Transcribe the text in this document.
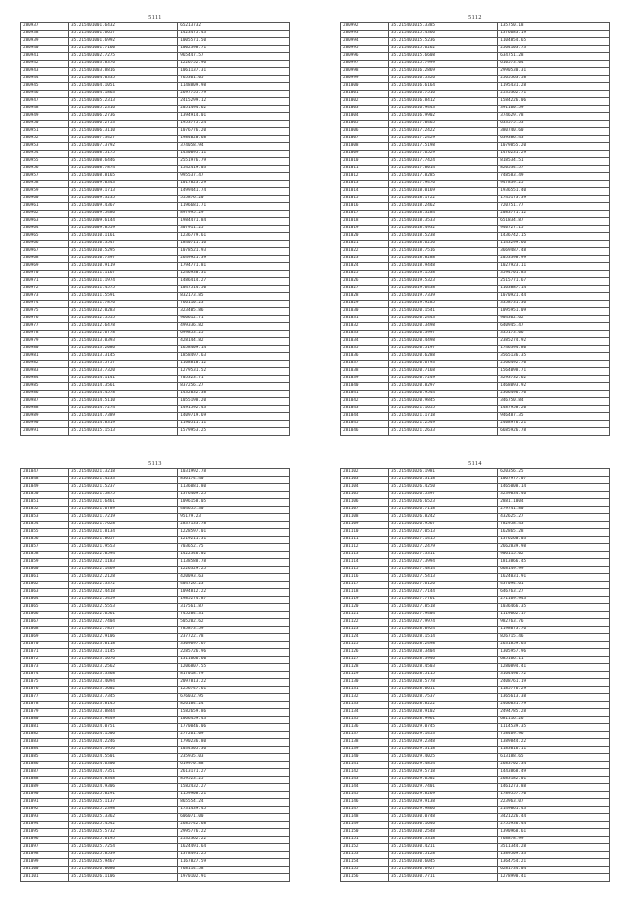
5111
280937	35.215401001.6432	65213732
280938	35.215401001.6657	1423475.43
280939	35.215401001.6992	1005571.50
280940	35.215401001.7160	1002398.71
280941	35.215401002.7275	965447.57
280942	35.215401003.8376	1226752.96
280943	35.215401003.8816	1061137.31
280944	35.215401004.0335	765361.05
280945	35.215401004.1051	1148809.98
280946	35.215401004.1863	2697755.79
280947	35.215401005.2313	2415299.12
280948	35.215401005.2316	2051494.62
280949	35.215401006.2736	1394914.01
280950	35.215401006.2753	1953775.24
280951	35.215401006.3110	1076776.20
280952	35.215401007.3427	1984020.68
280953	35.215401007.3792	374058.94
280954	35.215401008.5175	1430095.11
280955	35.215401008.6446	2551976.79
280956	35.215401008.7874	1542419.03
280957	35.215401008.8165	995537.47
280958	35.215401009.0343	1017823.29
280959	35.215401009.1713	1499441.74
280960	35.215401009.3235	555876.20
280961	35.215401009.4367	1196681.71
280962	35.215401009.5486	897995.29
280963	35.215401009.6144	1984471.84
280964	35.215401009.8559	307911.25
280965	35.215401010.1161	1236779.61
280966	35.215401010.3547	1840711.16
280967	35.215401010.5295	1078521.93
280968	35.215401010.7397	2649921.39
280969	35.215401010.9119	1794771.81
280970	35.215401011.1167	1246930.31
280971	35.215401011.1974	1486414.27
280972	35.215401011.4575	1047514.50
280973	35.215401011.5591	832173.85
280974	35.215401011.7876	766110.23
280975	35.215401012.0283	323405.86
280976	35.215401012.5555	966612.71
280977	35.215401012.6478	499336.82
280978	35.215401012.6778	699853.25
280979	35.215401013.0393	428144.82
280980	35.215401013.2086	1658409.14
280981	35.215401013.3145	1858497.63
280982	35.215401013.5757	1168810.12
280983	35.215401013.7320	1279531.52
280984	35.215401014.1141	705323.71
280985	35.215401014.3561	837256.27
280986	35.215401014.4578	1432032.38
280987	35.215401014.5110	1055198.20
280988	35.215401014.7274	1491592.43
280989	35.215401014.7389	1409719.69
280990	35.215401014.8319	1190511.11
280991	35.215401015.1513	1579953.25
5112
280992	35.215401015.3385	135750.18
280993	35.215401015.4366	1376683.19
280994	35.215401015.5236	1104854.65
280995	35.215401015.6262	2564103.73
280996	35.215401015.6608	634751.28
280997	35.215401015.7999	610573.04
280998	35.215401016.2869	2990530.31
280999	35.215401016.5326	2565563.58
281000	35.215401016.6164	1195431.28
281001	35.215401016.7516	2535362.71
281002	35.215401016.8412	1584226.06
281003	35.215401016.9443	391160.59
281004	35.215401016.9902	374629.78
281005	35.215401017.0465	633575.53
281006	35.215401017.2422	380740.60
281007	35.215401017.2429	639386.43
281008	35.215401017.5198	1079855.20
281009	35.215401017.6529	1476231.29
281010	35.215401017.7424	818534.51
281011	35.215401017.8014	820534.57
281012	35.215401017.8285	748583.49
281013	35.215401017.9476	947839.25
281014	35.215401018.0169	1936551.40
281015	35.215401018.1722	1745173.39
281016	35.215401018.2462	720751.77
281017	35.215401018.3284	2083771.12
281018	35.215401018.3533	651834.87
281019	35.215401018.4932	940727.15
281020	35.215401018.5238	1436742.15
281021	35.215401018.6256	1143299.66
281022	35.215401018.7516	3669487.48
281023	35.215401018.8288	2053398.99
281024	35.215401018.9448	1027923.11
281025	35.215401019.1538	3594701.83
281026	35.215401019.5323	2515771.67
281027	35.215401019.6438	1163887.14
281028	35.215401019.7339	1070921.44
281029	35.215401019.9285	3358731.36
281030	35.215401020.1541	1095951.09
281031	35.215401020.2443	904362.62
281032	35.215401020.3498	640945.47
281033	35.215401020.3997	335173.06
281034	35.215401020.4498	2385274.92
281035	35.215401020.5197	1746394.80
281036	35.215401020.6288	3565136.35
281037	35.215401020.6793	2566492.70
281038	35.215401020.7168	1564098.71
281039	35.215401020.7249	3293732.62
281040	35.215401020.8297	1468093.92
281041	35.215401020.9544	2366496.70
281042	35.215401020.9845	346750.84
281043	35.215401021.1655	1487958.20
281044	35.215401021.1718	946487.35
281045	35.215401021.2549	2408976.21
281046	35.215401021.2633	6685926.78
5113
281047	35.215401021.3218	1031992.78
281048	35.215401021.4233	836174.40
281049	35.215401021.5237	1136081.80
281050	35.215401021.5875	1376409.25
281051	35.215401021.6461	1096158.05
281052	35.215401021.6789	404655.30
281053	35.215401021.7219	95179.23
281054	35.215401021.7628	2837133.78
281055	35.215401021.8134	1228597.01
281056	35.215401021.8657	1219211.31
281057	35.215401021.9553	703652.75
281058	35.215401022.0594	1422346.02
281059	35.215401022.1183	1138588.78
281060	35.215401022.1469	1226329.25
281061	35.215401022.2128	420093.63
281062	35.215401022.3372	404726.23
281063	35.215401022.4418	1094812.22
281064	35.215401022.5459	1985274.87
281065	35.215401022.5553	317561.87
281066	35.215401022.6561	745204.31
281067	35.215401022.7404	505202.62
281068	35.215401022.7857	785873.59
281069	35.215401022.9106	237722.78
281070	35.215401023.0118	3309697.67
281071	35.215401023.1145	2285726.96
281072	35.215401023.1676	1311666.60
281073	35.215401023.2562	1206807.55
281074	35.215401023.3368	817018.79
281075	35.215401023.4094	2097813.22
281076	35.215401023.5602	1256747.61
281077	35.215401023.7345	676032.95
281078	35.215401023.8145	826104.24
281079	35.215401023.8844	1582659.86
281080	35.215401023.9449	1066459.43
281081	35.215401024.0751	1770046.06
281082	35.215401024.1506	277261.09
281083	35.215401024.2246	1790236.80
281084	35.215401024.3956	1034305.36
281085	35.215401024.5501	235935.03
281086	35.215401024.6300	619970.88
281087	35.215401024.7351	2613171.27
281088	35.215401024.8348	859523.25
281089	35.215401024.9306	1582432.27
281090	35.215401025.0291	1159908.21
281091	35.215401025.1137	865554.24
281092	35.215401025.2398	1731439.45
281093	35.215401025.3362	606071.00
281094	35.215401025.4542	2685742.68
281095	35.215401025.5732	2995776.22
281096	35.215401025.6195	2532362.22
281097	35.215401025.7254	1624491.64
281098	35.215401025.8539	1378491.25
281099	35.215401025.9467	1167827.59
281100	35.215401026.0080	768114.58
281101	35.215401026.1106	1970102.91
5114
281102	35.215401026.1981	620356.25
281103	35.215401026.3118	1067977.07
281104	35.215401026.4250	1465008.14
281105	35.215401026.5397	3239034.46
281106	35.215401026.6523	2881.1004
281107	35.215401026.7118	279741.80
281108	35.215401026.8242	432625.27
281109	35.215401026.9567	782958.43
281110	35.215401027.0513	162865.28
281111	35.215401027.1415	1376260.03
281112	35.215401027.2479	2662839.98
281113	35.215401027.3311	906115.02
281114	35.215401027.3994	1813866.45
281115	35.215401027.4814	668149.99
281116	35.215401027.5413	1624031.91
281117	35.215401027.6126	437094.61
281118	35.215401027.7144	646763.27
281119	35.215401027.7761	271169.943
281120	35.215401027.8518	1036466.35
281121	35.215401027.9404	1119662.17
281122	35.215401027.9974	982763.76
281123	35.215401028.0924	1198073.76
281124	35.215401028.1514	826715.46
281125	35.215401028.2498	2631859.63
281126	35.215401028.3404	1305957.96
281127	35.215401028.3946	685166.11
281128	35.215401028.4503	1280894.41
281129	35.215401028.5115	3164496.72
281130	35.215401028.5778	2408761.19
281131	35.215401028.6611	1185776.29
281132	35.215401028.7537	1365613.38
281133	35.215401028.8222	2466031.79
281134	35.215401028.9102	2494785.28
281135	35.215401028.9961	681116.26
281136	35.215401029.0745	1114539.35
281137	35.215401029.1453	758469.96
281138	35.215401029.2348	1389844.22
281139	35.215401029.3118	1183016.11
281140	35.215401029.4025	613188.65
281141	35.215401029.4854	2683702.34
281142	35.215401029.5718	1443868.49
281143	35.215401029.6502	2683182.01
281144	35.215401029.7401	1461273.88
281145	35.215401029.8269	1789557.70
281146	35.215401029.9138	223963.07
281147	35.215401029.9866	2149061.43
281148	35.215401030.0748	3421226.44
281149	35.215401030.1646	2755936.44
281150	35.215401030.2548	1390968.61
281151	35.215401030.3318	768878.99
281152	35.215401030.4211	3511344.28
281153	35.215401030.5128	1389509.33
281154	35.215401030.6045	1364754.21
281155	35.215401030.6927	6281734.04
281156	35.215401030.7711	1278990.41
